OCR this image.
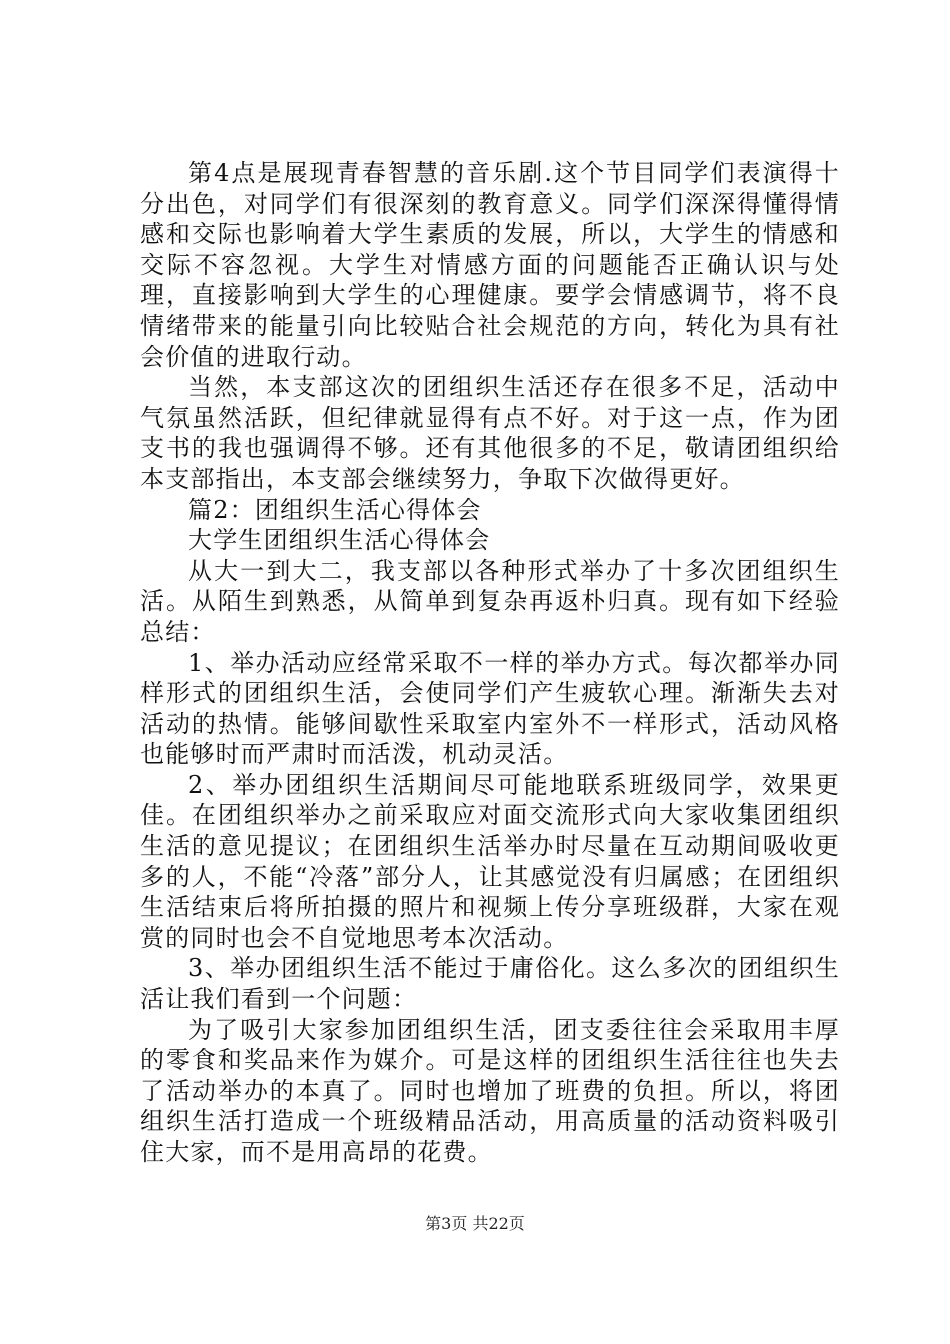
第4点是展现青春智慧的音乐剧.这个节目同学们表演得十分出色，对同学们有很深刻的教育意义。同学们深深得懂得情感和交际也影响着大学生素质的发展，所以，大学生的情感和交际不容忽视。大学生对情感方面的问题能否正确认识与处理，直接影响到大学生的心理健康。要学会情感调节，将不良情绪带来的能量引向比较贴合社会规范的方向，转化为具有社会价值的进取行动。

当然，本支部这次的团组织生活还存在很多不足，活动中气氛虽然活跃，但纪律就显得有点不好。对于这一点，作为团支书的我也强调得不够。还有其他很多的不足，敬请团组织给本支部指出，本支部会继续努力，争取下次做得更好。

篇2：团组织生活心得体会

大学生团组织生活心得体会

从大一到大二，我支部以各种形式举办了十多次团组织生活。从陌生到熟悉，从简单到复杂再返朴归真。现有如下经验总结：

1、举办活动应经常采取不一样的举办方式。每次都举办同样形式的团组织生活，会使同学们产生疲软心理。渐渐失去对活动的热情。能够间歇性采取室内室外不一样形式，活动风格也能够时而严肃时而活泼，机动灵活。

2、举办团组织生活期间尽可能地联系班级同学，效果更佳。在团组织举办之前采取应对面交流形式向大家收集团组织生活的意见提议；在团组织生活举办时尽量在互动期间吸收更多的人，不能“冷落”部分人，让其感觉没有归属感；在团组织生活结束后将所拍摄的照片和视频上传分享班级群，大家在观赏的同时也会不自觉地思考本次活动。

3、举办团组织生活不能过于庸俗化。这么多次的团组织生活让我们看到一个问题：

为了吸引大家参加团组织生活，团支委往往会采取用丰厚的零食和奖品来作为媒介。可是这样的团组织生活往往也失去了活动举办的本真了。同时也增加了班费的负担。所以，将团组织生活打造成一个班级精品活动，用高质量的活动资料吸引住大家，而不是用高昂的花费。

第3页 共22页
